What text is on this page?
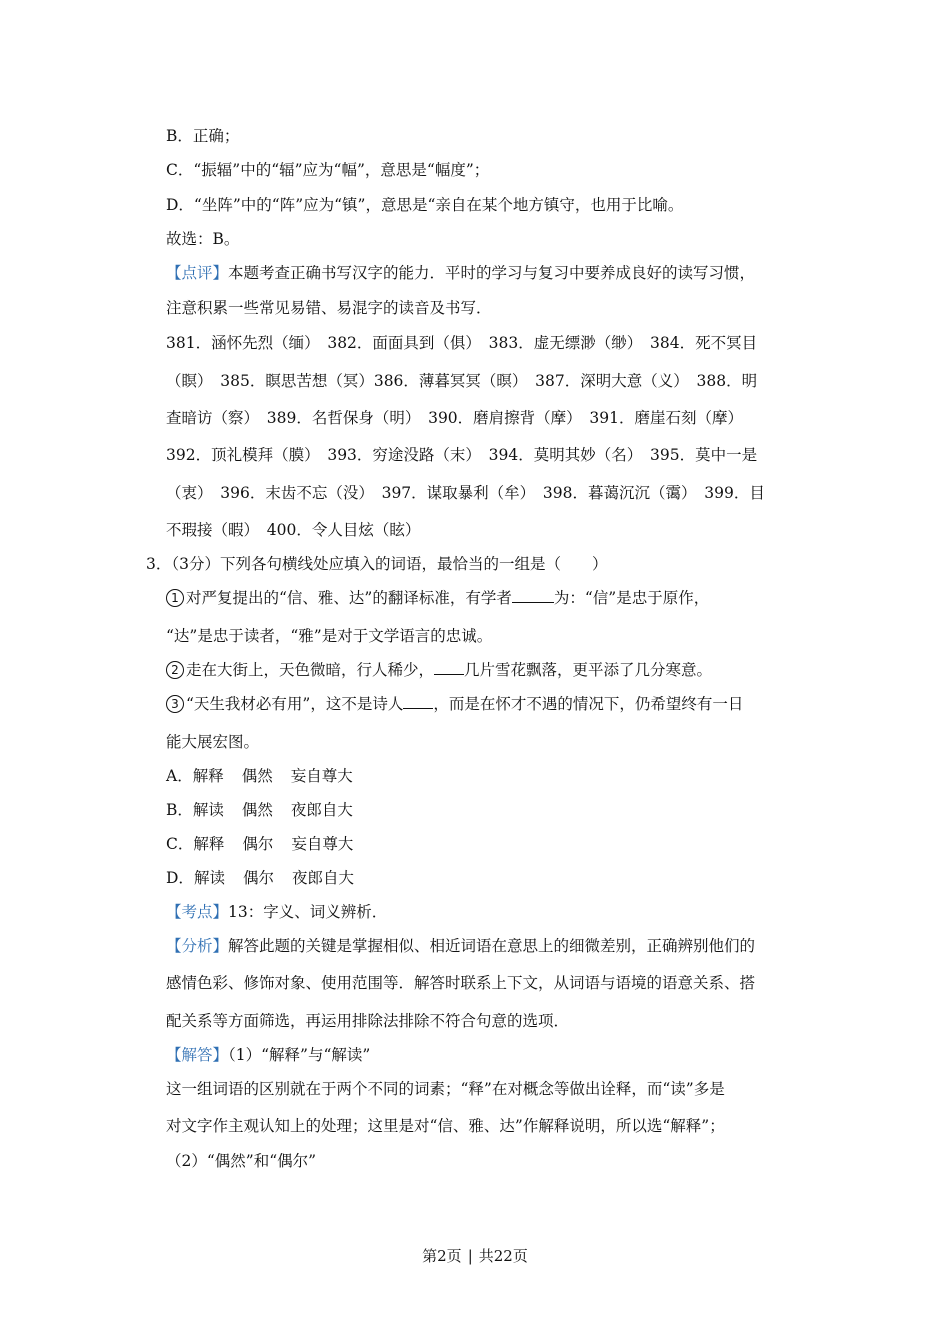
B．正确；
C．“振辐”中的“辐”应为“幅”，意思是“幅度”；
D．“坐阵”中的“阵”应为“镇”，意思是“亲自在某个地方镇守，也用于比喻。
故选：B。
【点评】本题考查正确书写汉字的能力．平时的学习与复习中要养成良好的读写习惯，
注意积累一些常见易错、易混字的读音及书写．
381．涵怀先烈（缅）　382．面面具到（俱）　383．虚无缥渺（缈）　384．死不冥目
（瞑）　385．瞑思苦想（冥）386．薄暮冥冥（暝）　387．深明大意（义）　388．明
查暗访（察）　389．名哲保身（明）　390．磨肩擦背（摩）　391．磨崖石刻（摩）
392．顶礼模拜（膜）　393．穷途没路（末）　394．莫明其妙（名）　395．莫中一是
（衷）　396．末齿不忘（没）　397．谋取暴利（牟）　398．暮蔼沉沉（霭）　399．目
不瑕接（暇）　400．令人目炫（眩）
3．（3分）下列各句横线处应填入的词语，最恰当的一组是（　　）
1 对严复提出的“信、雅、达”的翻译标准，有学者	为：“信”是忠于原作，
“达”是忠于读者，“雅”是对于文学语言的忠诚。
2 走在大街上，天色微暗，行人稀少， 几片雪花飘落，更平添了几分寒意。
3 “天生我材必有用”，这不是诗人 ，而是在怀才不遇的情况下，仍希望终有一日
能大展宏图。
A．解释 偶然 妄自尊大
B．解读 偶然 夜郎自大
C．解释 偶尔 妄自尊大
D．解读 偶尔 夜郎自大
【考点】13：字义、词义辨析．
【分析】解答此题的关键是掌握相似、相近词语在意思上的细微差别，正确辨别他们的
感情色彩、修饰对象、使用范围等．解答时联系上下文，从词语与语境的语意关系、搭
配关系等方面筛选，再运用排除法排除不符合句意的选项．
【解答】（1）“解释”与“解读”
这一组词语的区别就在于两个不同的词素；“释”在对概念等做出诠释，而“读”多是
对文字作主观认知上的处理；这里是对“信、雅、达”作解释说明，所以选“解释”；
（2）“偶然”和“偶尔”
第2页 | 共22页
